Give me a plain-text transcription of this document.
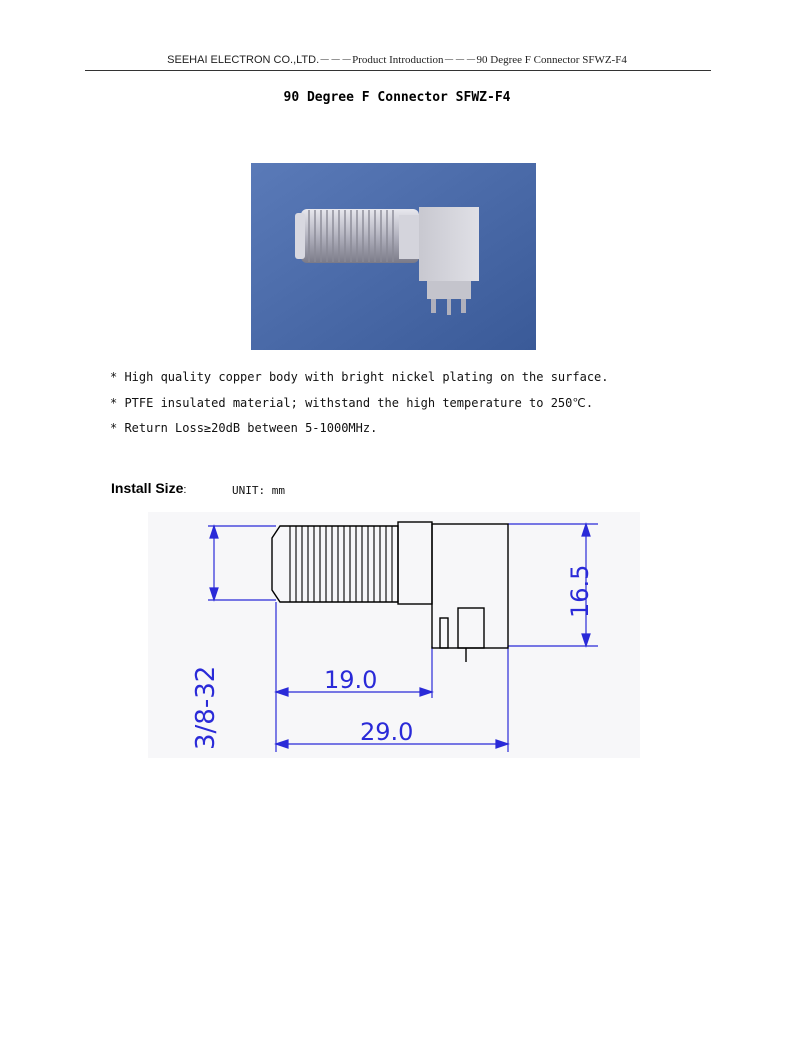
SEEHAI ELECTRON CO.,LTD.－－－Product Introduction－－－90 Degree F Connector SFWZ-F4
90 Degree F Connector SFWZ-F4
* High quality copper body with bright nickel plating on the surface.
* PTFE insulated material; withstand the high temperature to 250℃.
* Return Loss≥20dB between 5-1000MHz.
Install Size:	UNIT: mm
3/8-32
16.5
19.0
29.0
